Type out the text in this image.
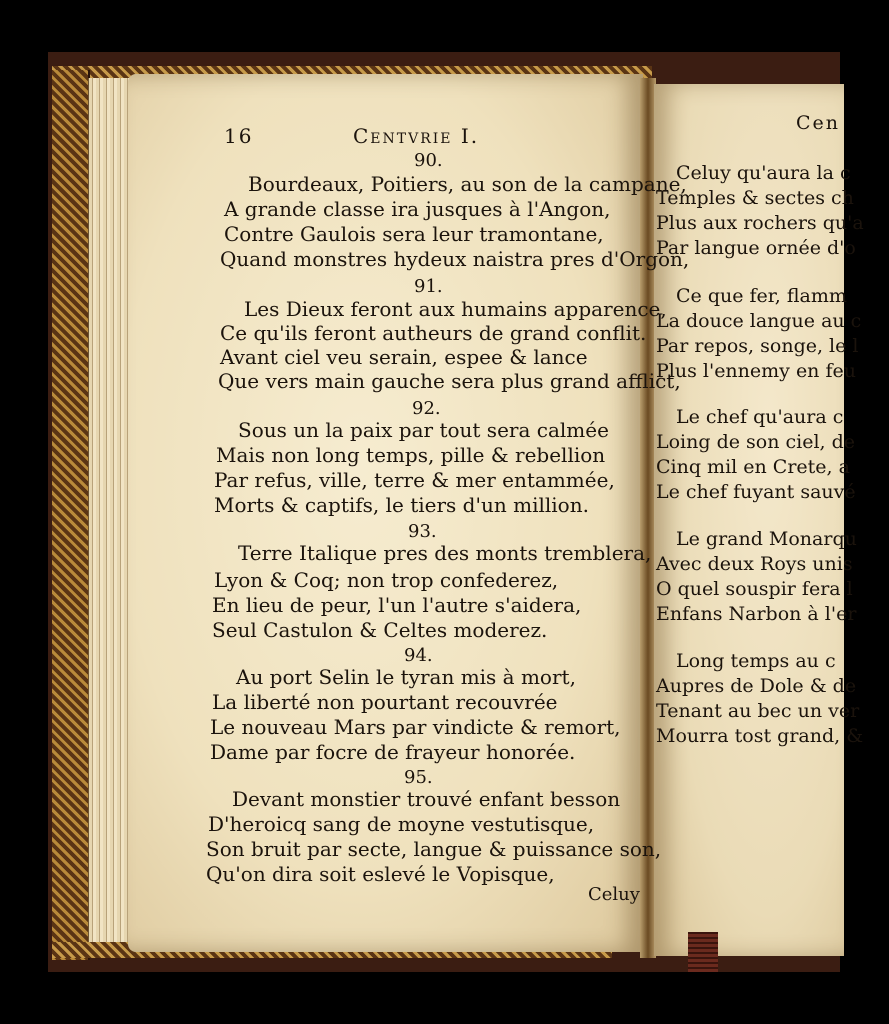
16	Centvrie I.
90.
Bourdeaux, Poitiers, au son de la campane,
A grande classe ira jusques à l'Angon,
Contre Gaulois sera leur tramontane,
Quand monstres hydeux naistra pres d'Orgon,
91.
Les Dieux feront aux humains apparence,
Ce qu'ils feront autheurs de grand conflit.
Avant ciel veu serain, espee & lance
Que vers main gauche sera plus grand afflict,
92.
Sous un la paix par tout sera calmée
Mais non long temps, pille & rebellion
Par refus, ville, terre & mer entammée,
Morts & captifs, le tiers d'un million.
93.
Terre Italique pres des monts tremblera,
Lyon & Coq; non trop confederez,
En lieu de peur, l'un l'autre s'aidera,
Seul Castulon & Celtes moderez.
94.
Au port Selin le tyran mis à mort,
La liberté non pourtant recouvrée
Le nouveau Mars par vindicte & remort,
Dame par focre de frayeur honorée.
95.
Devant monstier trouvé enfant besson
D'heroicq sang de moyne vestutisque,
Son bruit par secte, langue & puissance son,
Qu'on dira soit eslevé le Vopisque,
Celuy
Cen
Celuy qu'aura la c
Temples & sectes ch
Plus aux rochers qu'a
Par langue ornée d'o
Ce que fer, flamm
La douce langue au c
Par repos, songe, le l
Plus l'ennemy en feu
Le chef qu'aura c
Loing de son ciel, de
Cinq mil en Crete, a
Le chef fuyant sauvé
Le grand Monarqu
Avec deux Roys unis
O quel souspir fera l
Enfans Narbon à l'er
Long temps au c
Aupres de Dole & de
Tenant au bec un ver
Mourra tost grand, &
